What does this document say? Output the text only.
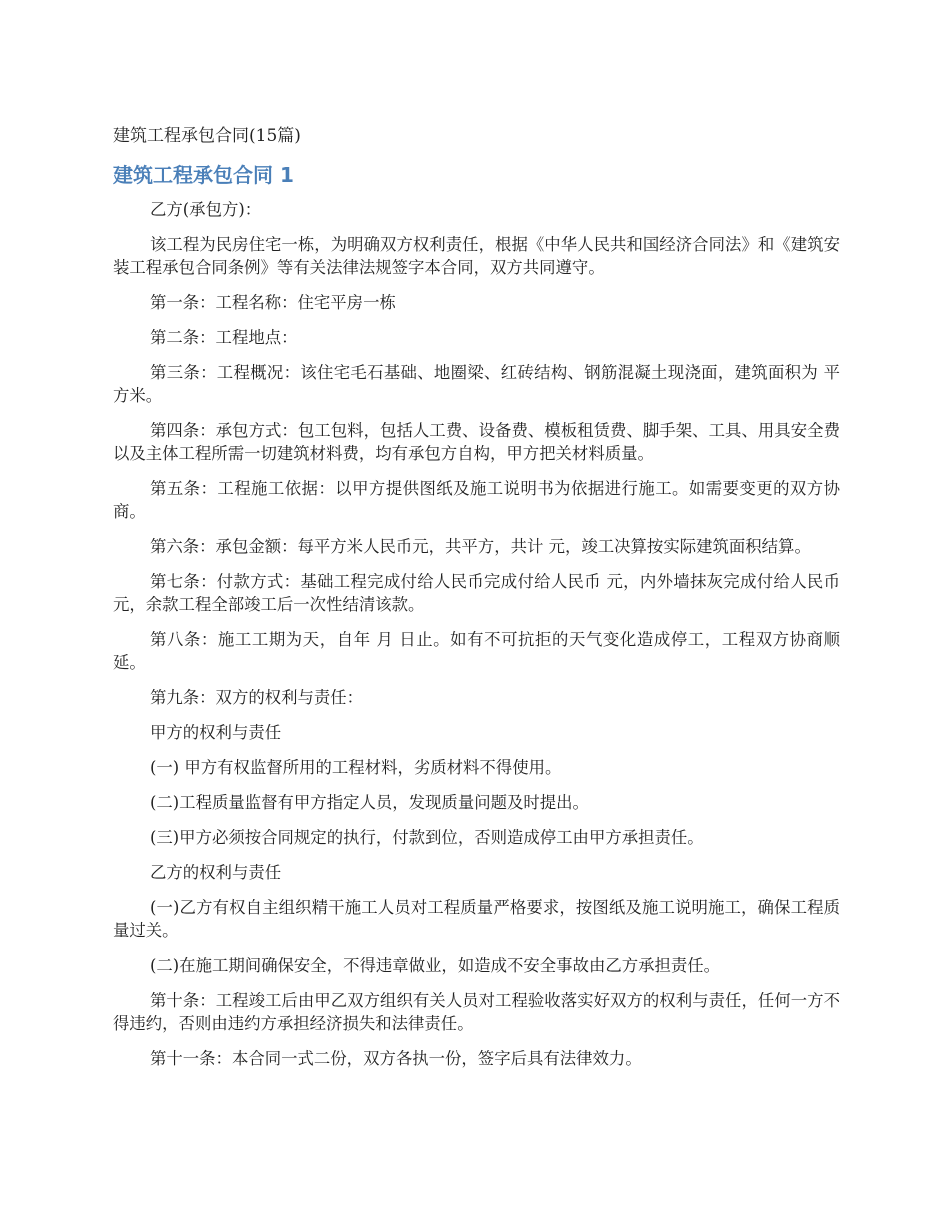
建筑工程承包合同(15篇)
建筑工程承包合同 1

乙方(承包方)：

该工程为民房住宅一栋，为明确双方权利责任，根据《中华人民共和国经济合同法》和《建筑安装工程承包合同条例》等有关法律法规签字本合同，双方共同遵守。

第一条：工程名称：住宅平房一栋

第二条：工程地点：

第三条：工程概况：该住宅毛石基础、地圈梁、红砖结构、钢筋混凝土现浇面，建筑面积为 平方米。

第四条：承包方式：包工包料，包括人工费、设备费、模板租赁费、脚手架、工具、用具安全费以及主体工程所需一切建筑材料费，均有承包方自构，甲方把关材料质量。

第五条：工程施工依据：以甲方提供图纸及施工说明书为依据进行施工。如需要变更的双方协商。

第六条：承包金额：每平方米人民币元，共平方，共计 元，竣工决算按实际建筑面积结算。

第七条：付款方式：基础工程完成付给人民币完成付给人民币 元，内外墙抹灰完成付给人民币 元，余款工程全部竣工后一次性结清该款。

第八条：施工工期为天，自年 月 日止。如有不可抗拒的天气变化造成停工，工程双方协商顺延。

第九条：双方的权利与责任：

甲方的权利与责任

(一) 甲方有权监督所用的工程材料，劣质材料不得使用。

(二)工程质量监督有甲方指定人员，发现质量问题及时提出。

(三)甲方必须按合同规定的执行，付款到位，否则造成停工由甲方承担责任。

乙方的权利与责任

(一)乙方有权自主组织精干施工人员对工程质量严格要求，按图纸及施工说明施工，确保工程质量过关。

(二)在施工期间确保安全，不得违章做业，如造成不安全事故由乙方承担责任。

第十条：工程竣工后由甲乙双方组织有关人员对工程验收落实好双方的权利与责任，任何一方不得违约，否则由违约方承担经济损失和法律责任。

第十一条：本合同一式二份，双方各执一份，签字后具有法律效力。
